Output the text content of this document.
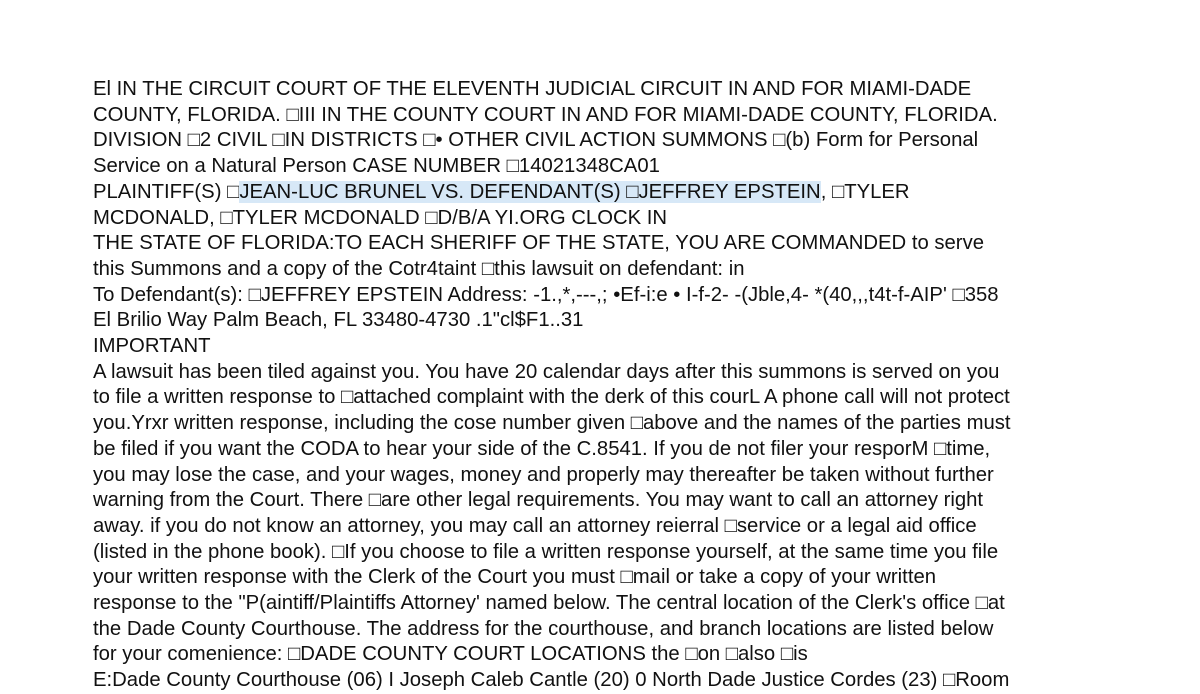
El IN THE CIRCUIT COURT OF THE ELEVENTH JUDICIAL CIRCUIT IN AND FOR MIAMI-DADE
COUNTY, FLORIDA. □III IN THE COUNTY COURT IN AND FOR MIAMI-DADE COUNTY, FLORIDA.
DIVISION □2 CIVIL □IN DISTRICTS □• OTHER CIVIL ACTION SUMMONS □(b) Form for Personal
Service on a Natural Person CASE NUMBER □14021348CA01
PLAINTIFF(S) □JEAN-LUC BRUNEL VS. DEFENDANT(S) □JEFFREY EPSTEIN, □TYLER
MCDONALD, □TYLER MCDONALD □D/B/A YI.ORG CLOCK IN
THE STATE OF FLORIDA:TO EACH SHERIFF OF THE STATE, YOU ARE COMMANDED to serve
this Summons and a copy of the Cotr4taint □this lawsuit on defendant: in
To Defendant(s): □JEFFREY EPSTEIN Address: -1.,*,---,; •Ef-i:e • I-f-2- -(Jble,4- *(40,,,t4t-f-AIP' □358
El Brilio Way Palm Beach, FL 33480-4730 .1"cl$F1..31
IMPORTANT
A lawsuit has been tiled against you. You have 20 calendar days after this summons is served on you
to file a written response to □attached complaint with the derk of this courL A phone call will not protect
you.Yrxr written response, including the cose number given □above and the names of the parties must
be filed if you want the CODA to hear your side of the C.8541. If you de not filer your resporM □time,
you may lose the case, and your wages, money and properly may thereafter be taken without further
warning from the Court. There □are other legal requirements. You may want to call an attorney right
away. if you do not know an attorney, you may call an attorney reierral □service or a legal aid office
(listed in the phone book). □If you choose to file a written response yourself, at the same time you file
your written response with the Clerk of the Court you must □mail or take a copy of your written
response to the "P(aintiff/Plaintiffs Attorney' named below. The central location of the Clerk's office □at
the Dade County Courthouse. The address for the courthouse, and branch locations are listed below
for your comenience: □DADE COUNTY COURT LOCATIONS the □on □also □is
E:Dade County Courthouse (06) I Joseph Caleb Cantle (20) 0 North Dade Justice Cordes (23) □Room
